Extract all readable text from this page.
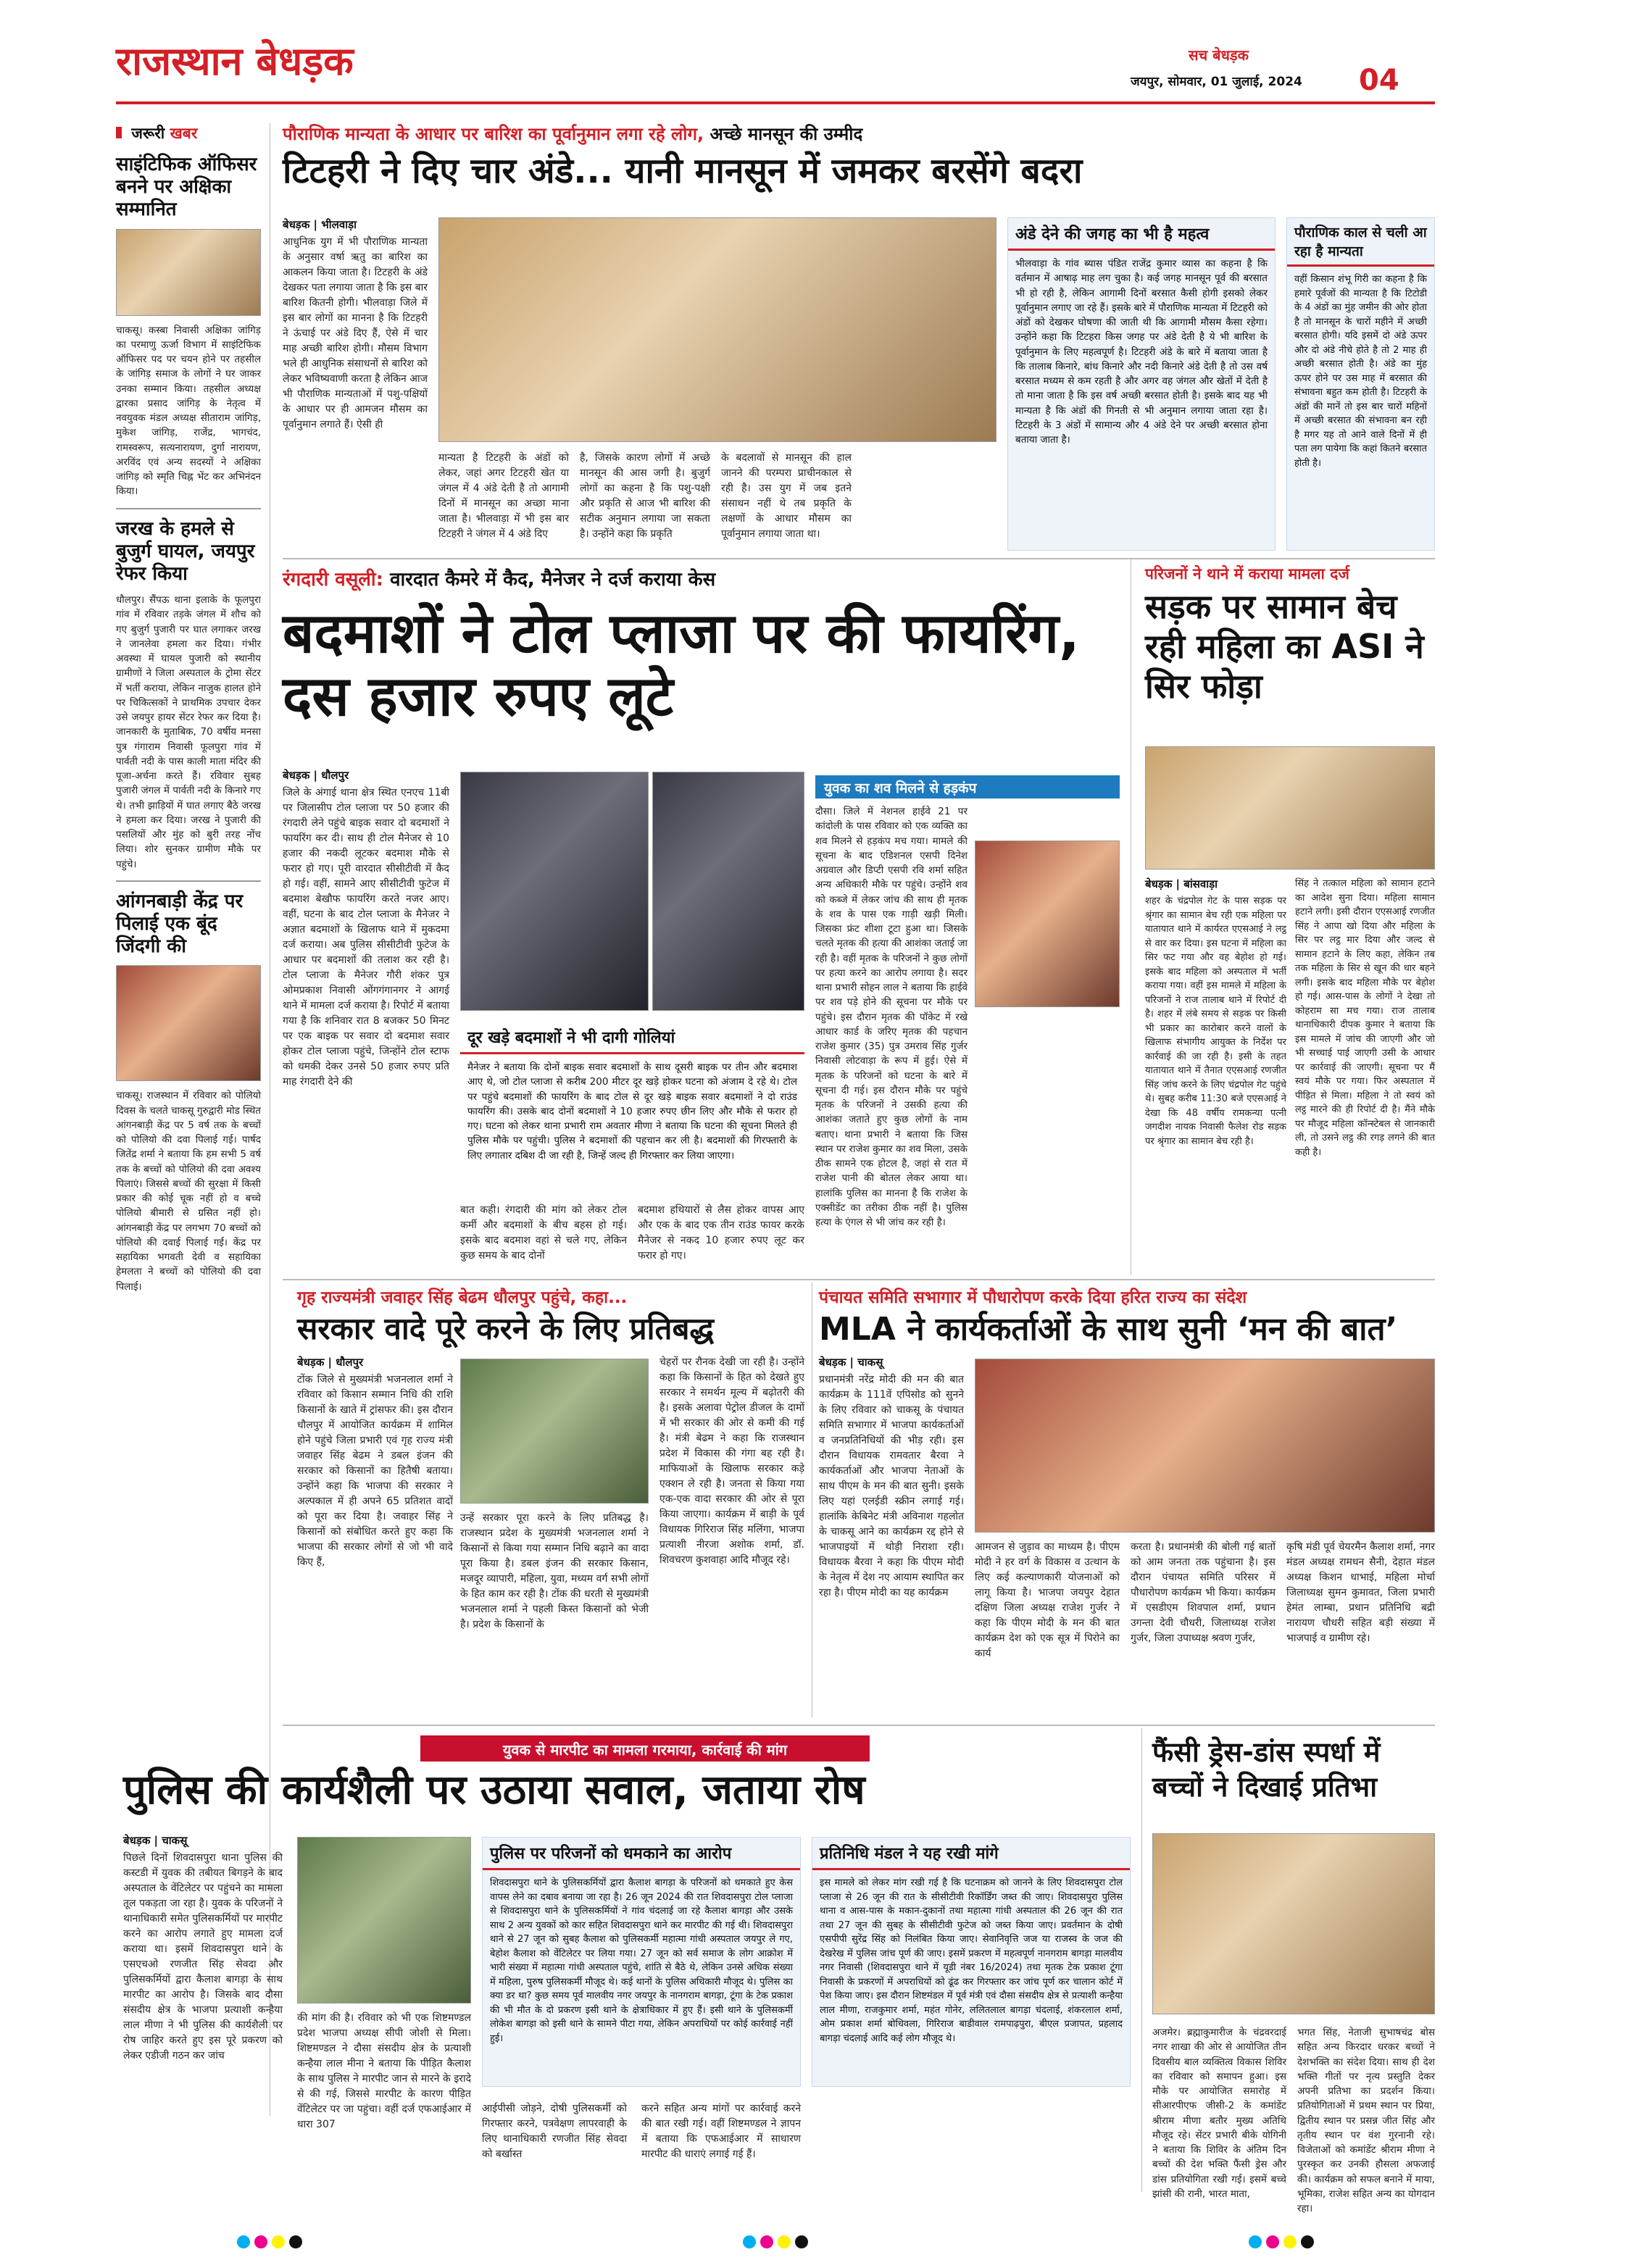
राजस्थान बेधड़क	सच बेधड़क
जयपुर, सोमवार, 01 जुलाई, 2024 04
जरूरी खबर
साइंटिफिक ऑफिसर बनने पर अक्षिका सम्मानित
चाकसू। कस्बा निवासी अक्षिका जांगिड़ का परमाणु ऊर्जा विभाग में साइंटिफिक ऑफिसर पद पर चयन होने पर तहसील के जांगिड़ समाज के लोगों ने घर जाकर उनका सम्मान किया। तहसील अध्यक्ष द्वारका प्रसाद जांगिड़ के नेतृत्व में नवयुवक मंडल अध्यक्ष सीताराम जांगिड़, मुकेश जांगिड़, राजेंद्र, भागचंद, रामस्वरूप, सत्यनारायण, दुर्गा नारायण, अरविंद एवं अन्य सदस्यों ने अक्षिका जांगिड़ को स्मृति चिह्न भेंट कर अभिनंदन किया।
जरख के हमले से बुजुर्ग घायल, जयपुर रेफर किया
धौलपुर। सैंपऊ थाना इलाके के फूलपुरा गांव में रविवार तड़के जंगल में शौच को गए बुजुर्ग पुजारी पर घात लगाकर जरख ने जानलेवा हमला कर दिया। गंभीर अवस्था में घायल पुजारी को स्थानीय ग्रामीणों ने जिला अस्पताल के ट्रोमा सेंटर में भर्ती कराया, लेकिन नाजुक हालत होने पर चिकित्सकों ने प्राथमिक उपचार देकर उसे जयपुर हायर सेंटर रेफर कर दिया है। जानकारी के मुताबिक, 70 वर्षीय मनसा पुत्र गंगाराम निवासी फूलपुरा गांव में पार्वती नदी के पास काली माता मंदिर की पूजा-अर्चना करते हैं। रविवार सुबह पुजारी जंगल में पार्वती नदी के किनारे गए थे। तभी झाड़ियों में घात लगाए बैठे जरख ने हमला कर दिया। जरख ने पुजारी की पसलियों और मुंह को बुरी तरह नोंच लिया। शोर सुनकर ग्रामीण मौके पर पहुंचे।
आंगनबाड़ी केंद्र पर पिलाई एक बूंद जिंदगी की
चाकसू। राजस्थान में रविवार को पोलियो दिवस के चलते चाकसू गुरुद्वारी मोड स्थित आंगनबाड़ी केंद्र पर 5 वर्ष तक के बच्चों को पोलियो की दवा पिलाई गई। पार्षद जितेंद्र शर्मा ने बताया कि हम सभी 5 वर्ष तक के बच्चों को पोलियो की दवा अवश्य पिलाएं। जिससे बच्चों की सुरक्षा में किसी प्रकार की कोई चूक नहीं हो व बच्चे पोलियो बीमारी से ग्रसित नहीं हो। आंगनबाड़ी केंद्र पर लगभग 70 बच्चों को पोलियो की दवाई पिलाई गई। केंद्र पर सहायिका भगवती देवी व सहायिका हेमलता ने बच्चों को पोलियो की दवा पिलाई।
पौराणिक मान्यता के आधार पर बारिश का पूर्वानुमान लगा रहे लोग, अच्छे मानसून की उम्मीद
टिटहरी ने दिए चार अंडे... यानी मानसून में जमकर बरसेंगे बदरा
बेधड़क | भीलवाड़ा
आधुनिक युग में भी पौराणिक मान्यता के अनुसार वर्षा ऋतु का बारिश का आकलन किया जाता है। टिटहरी के अंडे देखकर पता लगाया जाता है कि इस बार बारिश कितनी होगी। भीलवाड़ा जिले में इस बार लोगों का मानना है कि टिटहरी ने ऊंचाई पर अंडे दिए हैं, ऐसे में चार माह अच्छी बारिश होगी। मौसम विभाग भले ही आधुनिक संसाधनों से बारिश को लेकर भविष्यवाणी करता है लेकिन आज भी पौराणिक मान्यताओं में पशु-पक्षियों के आधार पर ही आमजन मौसम का पूर्वानुमान लगाते हैं। ऐसी ही
मान्यता है टिटहरी के अंडों को लेकर, जहां अगर टिटहरी खेत या जंगल में 4 अंडे देती है तो आगामी दिनों में मानसून का अच्छा माना जाता है। भीलवाड़ा में भी इस बार टिटहरी ने जंगल में 4 अंडे दिए
है, जिसके कारण लोगों में अच्छे मानसून की आस जगी है। बुजुर्ग लोगों का कहना है कि पशु-पक्षी और प्रकृति से आज भी बारिश की सटीक अनुमान लगाया जा सकता है। उन्होंने कहा कि प्रकृति
के बदलावों से मानसून की हाल जानने की परम्परा प्राचीनकाल से रही है। उस युग में जब इतने संसाधन नहीं थे तब प्रकृति के लक्षणों के आधार मौसम का पूर्वानुमान लगाया जाता था।
अंडे देने की जगह का भी है महत्व

भीलवाड़ा के गांव ब्यास पंडित राजेंद्र कुमार व्यास का कहना है कि वर्तमान में आषाढ़ माह लग चुका है। कई जगह मानसून पूर्व की बरसात भी हो रही है, लेकिन आगामी दिनों बरसात कैसी होगी इसको लेकर पूर्वानुमान लगाए जा रहे हैं। इसके बारे में पौराणिक मान्यता में टिटहरी को अंडों को देखकर घोषणा की जाती थी कि आगामी मौसम कैसा रहेगा। उन्होंने कहा कि टिटहरा किस जगह पर अंडे देती है ये भी बारिश के पूर्वानुमान के लिए महत्वपूर्ण है। टिटहरी अंडे के बारे में बताया जाता है कि तालाब किनारे, बांध किनारे और नदी किनारे अंडे देती है तो उस वर्ष बरसात मध्यम से कम रहती है और अगर वह जंगल और खेतों में देती है तो माना जाता है कि इस वर्ष अच्छी बरसात होती है। इसके बाद यह भी मान्यता है कि अंडों की गिनती से भी अनुमान लगाया जाता रहा है। टिटहरी के 3 अंडों में सामान्य और 4 अंडे देने पर अच्छी बरसात होना बताया जाता है।

पौराणिक काल से चली आ रहा है मान्यता

वहीं किसान शंभू गिरी का कहना है कि हमारे पूर्वजों की मान्यता है कि टिटोडी के 4 अंडों का मुंह जमीन की ओर होता है तो मानसून के चारों महीने में अच्छी बरसात होगी। यदि इसमें दो अंडे ऊपर और दो अंडे नीचे होते है तो 2 माह ही अच्छी बरसात होती है। अंडे का मुंह ऊपर होने पर उस माह में बरसात की संभावना बहुत कम होती है। टिटहरी के अंडों की मानें तो इस बार चारों महिनों में अच्छी बरसात की संभावना बन रही है मगर यह तो आने वाले दिनों में ही पता लग पायेगा कि कहां कितने बरसात होती है।

रंगदारी वसूली: वारदात कैमरे में कैद, मैनेजर ने दर्ज कराया केस
बदमाशों ने टोल प्लाजा पर की फायरिंग, दस हजार रुपए लूटे
बेधड़क | धौलपुर
जिले के अंगाई थाना क्षेत्र स्थित एनएच 11बी पर जिलासीप टोल प्लाजा पर 50 हजार की रंगदारी लेने पहुंचे बाइक सवार दो बदमाशों ने फायरिंग कर दी। साथ ही टोल मैनेजर से 10 हजार की नकदी लूटकर बदमाश मौके से फरार हो गए। पूरी वारदात सीसीटीवी में कैद हो गई। वहीं, सामने आए सीसीटीवी फुटेज में बदमाश बेखौफ फायरिंग करते नजर आए। वहीं, घटना के बाद टोल प्लाजा के मैनेजर ने अज्ञात बदमाशों के खिलाफ थाने में मुकदमा दर्ज कराया। अब पुलिस सीसीटीवी फुटेज के आधार पर बदमाशों की तलाश कर रही है। टोल प्लाजा के मैनेजर गौरी शंकर पुत्र ओमप्रकाश निवासी ओंगगंगानगर ने आगई थाने में मामला दर्ज कराया है। रिपोर्ट में बताया गया है कि शनिवार रात 8 बजकर 50 मिनट पर एक बाइक पर सवार दो बदमाश सवार होकर टोल प्लाजा पहुंचे, जिन्होंने टोल स्टाफ को धमकी देकर उनसे 50 हजार रुपए प्रति माह रंगदारी देने की
दूर खड़े बदमाशों ने भी दागी गोलियां

मैनेजर ने बताया कि दोनों बाइक सवार बदमाशों के साथ दूसरी बाइक पर तीन और बदमाश आए थे, जो टोल प्लाजा से करीब 200 मीटर दूर खड़े होकर घटना को अंजाम दे रहे थे। टोल पर पहुंचे बदमाशों की फायरिंग के बाद टोल से दूर खड़े बाइक सवार बदमाशों ने दो राउंड फायरिंग की। उसके बाद दोनों बदमाशों ने 10 हजार रुपए छीन लिए और मौके से फरार हो गए। घटना को लेकर थाना प्रभारी राम अवतार मीणा ने बताया कि घटना की सूचना मिलते ही पुलिस मौके पर पहुंची। पुलिस ने बदमाशों की पहचान कर ली है। बदमाशों की गिरफ्तारी के लिए लगातार दबिश दी जा रही है, जिन्हें जल्द ही गिरफ्तार कर लिया जाएगा।

बात कही। रंगदारी की मांग को लेकर टोल कर्मी और बदमाशों के बीच बहस हो गई। इसके बाद बदमाश वहां से चले गए, लेकिन कुछ समय के बाद दोनों
बदमाश हथियारों से लैस होकर वापस आए और एक के बाद एक तीन राउंड फायर करके मैनेजर से नकद 10 हजार रुपए लूट कर फरार हो गए।
युवक का शव मिलने से हड़कंप
दौसा। जिले में नेशनल हाईवे 21 पर कांदोली के पास रविवार को एक व्यक्ति का शव मिलने से हड़कंप मच गया। मामले की सूचना के बाद एडिशनल एसपी दिनेश अग्रवाल और डिप्टी एसपी रवि शर्मा सहित अन्य अधिकारी मौके पर पहुंचे। उन्होंने शव को कब्जे में लेकर जांच की साथ ही मृतक के शव के पास एक गाड़ी खड़ी मिली। जिसका फ्रंट शीशा टूटा हुआ था। जिसके चलते मृतक की हत्या की आशंका जताई जा रही है। वहीं मृतक के परिजनों ने कुछ लोगों पर हत्या करने का आरोप लगाया है। सदर थाना प्रभारी सोहन लाल ने बताया कि हाईवे पर शव पड़े होने की सूचना पर मौके पर पहुंचे। इस दौरान मृतक की पॉकेट में रखे आधार कार्ड के जरिए मृतक की पहचान राजेश कुमार (35) पुत्र उमराव सिंह गुर्जर निवासी लोटवाड़ा के रूप में हुई। ऐसे में मृतक के परिजनों को घटना के बारे में सूचना दी गई। इस दौरान मौके पर पहुंचे मृतक के परिजनों ने उसकी हत्या की आशंका जताते हुए कुछ लोगों के नाम बताए। थाना प्रभारी ने बताया कि जिस स्थान पर राजेश कुमार का शव मिला, उसके ठीक सामने एक होटल है, जहां से रात में राजेश पानी की बोतल लेकर आया था। हालांकि पुलिस का मानना है कि राजेश के एक्सीडेंट का तरीका ठीक नहीं है। पुलिस हत्या के एंगल से भी जांच कर रही है।
परिजनों ने थाने में कराया मामला दर्ज
सड़क पर सामान बेच रही महिला का ASI ने सिर फोड़ा
बेधड़क | बांसवाड़ा
शहर के चंद्रपोल गेट के पास सड़क पर श्रृंगार का सामान बेच रही एक महिला पर यातायात थाने में कार्यरत एएसआई ने लट्ठ से वार कर दिया। इस घटना में महिला का सिर फट गया और वह बेहोश हो गई। इसके बाद महिला को अस्पताल में भर्ती कराया गया। वहीं इस मामले में महिला के परिजनों ने राज तालाब थाने में रिपोर्ट दी है। शहर में लंबे समय से सड़क पर किसी भी प्रकार का कारोबार करने वालों के खिलाफ संभागीय आयुक्त के निर्देश पर कार्रवाई की जा रही है। इसी के तहत यातायात थाने में तैनात एएसआई रणजीत सिंह जांच करने के लिए चंद्रपोल गेट पहुंचे थे। सुबह करीब 11:30 बजे एएसआई ने देखा कि 48 वर्षीय रामकन्या पत्नी जगदीश नायक निवासी फैलेश रोड सड़क पर श्रृंगार का सामान बेच रही है।
सिंह ने तत्काल महिला को सामान हटाने का आदेश सुना दिया। महिला सामान हटाने लगी। इसी दौरान एएसआई रणजीत सिंह ने आपा खो दिया और महिला के सिर पर लट्ठ मार दिया और जल्द से सामान हटाने के लिए कहा, लेकिन तब तक महिला के सिर से खून की धार बहने लगी। इसके बाद महिला मौके पर बेहोश हो गई। आस-पास के लोगों ने देखा तो कोहराम सा मच गया। राज तालाब थानाधिकारी दीपक कुमार ने बताया कि इस मामले में जांच की जाएगी और जो भी सच्चाई पाई जाएगी उसी के आधार पर कार्रवाई की जाएगी। सूचना पर मैं स्वयं मौके पर गया। फिर अस्पताल में पीड़ित से मिला। महिला ने तो स्वयं को लट्ठ मारने की ही रिपोर्ट दी है। मैंने मौके पर मौजूद महिला कॉन्स्टेबल से जानकारी ली, तो उसने लट्ठ की रगड़ लगने की बात कही है।
गृह राज्यमंत्री जवाहर सिंह बेढम धौलपुर पहुंचे, कहा...
सरकार वादे पूरे करने के लिए प्रतिबद्ध
बेधड़क | धौलपुर
टोंक जिले से मुख्यमंत्री भजनलाल शर्मा ने रविवार को किसान सम्मान निधि की राशि किसानों के खाते में ट्रांसफर की। इस दौरान धौलपुर में आयोजित कार्यक्रम में शामिल होने पहुंचे जिला प्रभारी एवं गृह राज्य मंत्री जवाहर सिंह बेढम ने डबल इंजन की सरकार को किसानों का हितैषी बताया। उन्होंने कहा कि भाजपा की सरकार ने अल्पकाल में ही अपने 65 प्रतिशत वादों को पूरा कर दिया है। जवाहर सिंह ने किसानों को संबोधित करते हुए कहा कि भाजपा की सरकार लोगों से जो भी वादे किए हैं,
उन्हें सरकार पूरा करने के लिए प्रतिबद्ध है। राजस्थान प्रदेश के मुख्यमंत्री भजनलाल शर्मा ने किसानों से किया गया सम्मान निधि बढ़ाने का वादा पूरा किया है। डबल इंजन की सरकार किसान, मजदूर व्यापारी, महिला, युवा, मध्यम वर्ग सभी लोगों के हित काम कर रही है। टोंक की धरती से मुख्यमंत्री भजनलाल शर्मा ने पहली किस्त किसानों को भेजी है। प्रदेश के किसानों के
चेहरों पर रौनक देखी जा रही है। उन्होंने कहा कि किसानों के हित को देखते हुए सरकार ने समर्थन मूल्य में बढ़ोतरी की है। इसके अलावा पेट्रोल डीजल के दामों में भी सरकार की ओर से कमी की गई है। मंत्री बेढम ने कहा कि राजस्थान प्रदेश में विकास की गंगा बह रही है। माफियाओं के खिलाफ सरकार कड़े एक्शन ले रही है। जनता से किया गया एक-एक वादा सरकार की ओर से पूरा किया जाएगा। कार्यक्रम में बाड़ी के पूर्व विधायक गिरिराज सिंह मलिंगा, भाजपा प्रत्याशी नीरजा अशोक शर्मा, डॉ. शिवचरण कुशवाहा आदि मौजूद रहे।
पंचायत समिति सभागार में पौधारोपण करके दिया हरित राज्य का संदेश
MLA ने कार्यकर्ताओं के साथ सुनी ‘मन की बात’
बेधड़क | चाकसू
प्रधानमंत्री नरेंद्र मोदी की मन की बात कार्यक्रम के 111वें एपिसोड को सुनने के लिए रविवार को चाकसू के पंचायत समिति सभागार में भाजपा कार्यकर्ताओं व जनप्रतिनिधियों की भीड़ रही। इस दौरान विधायक रामवतार बैरवा ने कार्यकर्ताओं और भाजपा नेताओं के साथ पीएम के मन की बात सुनी। इसके लिए यहां एलईडी स्क्रीन लगाई गई। हालांकि केबिनेट मंत्री अविनाश गहलोत के चाकसू आने का कार्यक्रम रद्द होने से भाजपाइयों में थोड़ी निराशा रही। विधायक बैरवा ने कहा कि पीएम मोदी के नेतृत्व में देश नए आयाम स्थापित कर रहा है। पीएम मोदी का यह कार्यक्रम
आमजन से जुड़ाव का माध्यम है। पीएम मोदी ने हर वर्ग के विकास व उत्थान के लिए कई कल्याणकारी योजनाओं को लागू किया है। भाजपा जयपुर देहात दक्षिण जिला अध्यक्ष राजेश गुर्जर ने कहा कि पीएम मोदी के मन की बात कार्यक्रम देश को एक सूत्र में पिरोने का कार्य
करता है। प्रधानमंत्री की बोली गई बातों को आम जनता तक पहुंचाना है। इस दौरान पंचायत समिति परिसर में पौधारोपण कार्यक्रम भी किया। कार्यक्रम में एसडीएम शिवपाल शर्मा, प्रधान उगन्ता देवी चौधरी, जिलाध्यक्ष राजेश गुर्जर, जिला उपाध्यक्ष श्रवण गुर्जर,
कृषि मंडी पूर्व चेयरमैन कैलाश शर्मा, नगर मंडल अध्यक्ष रामधन सैनी, देहात मंडल अध्यक्ष किशन धाभाई, महिला मोर्चा जिलाध्यक्ष सुमन कुमावत, जिला प्रभारी हेमंत लाम्बा, प्रधान प्रतिनिधि बद्री नारायण चौधरी सहित बड़ी संख्या में भाजपाई व ग्रामीण रहे।
युवक से मारपीट का मामला गरमाया, कार्रवाई की मांग
पुलिस की कार्यशैली पर उठाया सवाल, जताया रोष
बेधड़क | चाकसू
पिछले दिनों शिवदासपुरा थाना पुलिस की कस्टडी में युवक की तबीयत बिगड़ने के बाद अस्पताल के वेंटिलेटर पर पहुंचने का मामला तूल पकड़ता जा रहा है। युवक के परिजनों ने थानाधिकारी समेत पुलिसकर्मियों पर मारपीट करने का आरोप लगाते हुए मामला दर्ज कराया था। इसमें शिवदासपुरा थाने के एसएचओ रणजीत सिंह सेवदा और पुलिसकर्मियों द्वारा कैलाश बागड़ा के साथ मारपीट का आरोप है। जिसके बाद दौसा संसदीय क्षेत्र के भाजपा प्रत्याशी कन्हैया लाल मीणा ने भी पुलिस की कार्यशैली पर रोष जाहिर करते हुए इस पूरे प्रकरण को लेकर एडीजी गठन कर जांच
की मांग की है। रविवार को भी एक शिष्टमण्डल प्रदेश भाजपा अध्यक्ष सीपी जोशी से मिला। शिष्टमण्डल ने दौसा संसदीय क्षेत्र के प्रत्याशी कन्हैया लाल मीना ने बताया कि पीड़ित कैलाश के साथ पुलिस ने मारपीट जान से मारने के इरादे से की गई, जिससे मारपीट के कारण पीड़ित वेंटिलेटर पर जा पहुंचा। वहीं दर्ज एफआईआर में धारा 307
पुलिस पर परिजनों को धमकाने का आरोप

शिवदासपुरा थाने के पुलिसकर्मियों द्वारा कैलाश बागड़ा के परिजनों को धमकाते हुए केस वापस लेने का दबाव बनाया जा रहा है। 26 जून 2024 की रात शिवदासपुरा टोल प्लाजा से शिवदासपुरा थाने के पुलिसकर्मियों ने गांव चंदलाई जा रहे कैलाश बागड़ा और उसके साथ 2 अन्य युवकों को कार सहित शिवदासपुरा थाने कर मारपीट की गई थी। शिवदासपुरा थाने से 27 जून को सुबह कैलाश को पुलिसकर्मी महात्मा गांधी अस्पताल जयपुर ले गए, बेहोश कैलाश को वेंटिलेटर पर लिया गया। 27 जून को सर्व समाज के लोग आक्रोश में भारी संख्या में महात्मा गांधी अस्पताल पहुंचे, शांति से बैठे थे, लेकिन उनसे अधिक संख्या में महिला, पुरुष पुलिसकर्मी मौजूद थे। कई थानों के पुलिस अधिकारी मौजूद थे। पुलिस का क्या डर था? कुछ समय पूर्व मालवीय नगर जयपुर के नानगराम बागड़ा, टूंगा के टेक प्रकाश की भी मौत के दो प्रकरण इसी थाने के क्षेत्राधिकार में हुए हैं। इसी थाने के पुलिसकर्मी लोकेश बागड़ा को इसी थाने के सामने पीटा गया, लेकिन अपराधियों पर कोई कार्रवाई नहीं हुई।

प्रतिनिधि मंडल ने यह रखी मांगे

इस मामले को लेकर मांग रखी गई है कि घटनाक्रम को जानने के लिए शिवदासपुरा टोल प्लाजा से 26 जून की रात के सीसीटीवी रिकॉर्डिंग जब्त की जाए। शिवदासपुरा पुलिस थाना व आस-पास के मकान-दुकानों तथा महात्मा गांधी अस्पताल की 26 जून की रात तथा 27 जून की सुबह के सीसीटीवी फुटेज को जब्त किया जाए। प्रवर्तमान के दोषी एसपीपी सुरेंद्र सिंह को निलंबित किया जाए। सेवानिवृत्ति जज या राजस्व के जज की देखरेख में पुलिस जांच पूर्ण की जाए। इसमें प्रकरण में महत्वपूर्ण नानगराम बागड़ा मालवीय नगर निवासी (शिवदासपुरा थाने में यूडी नंबर 16/2024) तथा मृतक टेक प्रकाश टूंगा निवासी के प्रकरणों में अपराधियों को ढूंढ कर गिरफ्तार कर जांच पूर्ण कर चालान कोर्ट में पेश किया जाए। इस दौरान शिष्टमंडल में पूर्व मंत्री एवं दौसा संसदीय क्षेत्र से प्रत्याशी कन्हैया लाल मीणा, राजकुमार शर्मा, महंत गोनेर, ललितलाल बागड़ा चंदलाई, शंकरलाल शर्मा, ओम प्रकाश शर्मा बोधिवला, गिरिराज बाडीवाल रामपाढ़पुरा, बीएल प्रजापत, प्रहलाद बागड़ा चंदलाई आदि कई लोग मौजूद थे।

आईपीसी जोड़ने, दोषी पुलिसकर्मी को गिरफ्तार करने, पत्रवेक्षण लापरवाही के लिए थानाधिकारी रणजीत सिंह सेवदा को बर्खास्त
करने सहित अन्य मांगों पर कार्रवाई करने की बात रखी गई। वहीं शिष्टमण्डल ने ज्ञापन में बताया कि एफआईआर में साधारण मारपीट की धाराएं लगाई गई हैं।
फैंसी ड्रेस-डांस स्पर्धा में बच्चों ने दिखाई प्रतिभा
अजमेर। ब्रह्माकुमारीज के चंद्रवरदाई नगर शाखा की ओर से आयोजित तीन दिवसीय बाल व्यक्तित्व विकास शिविर का रविवार को समापन हुआ। इस मौके पर आयोजित समारोह में सीआरपीएफ जीसी-2 के कमांडेंट श्रीराम मीणा बतौर मुख्य अतिथि मौजूद रहे। सेंटर प्रभारी बीके योगिनी ने बताया कि शिविर के अंतिम दिन बच्चों की देश भक्ति फैंसी ड्रेस और डांस प्रतियोगिता रखी गई। इसमें बच्चे झांसी की रानी, भारत माता,
भगत सिंह, नेताजी सुभाषचंद्र बोस सहित अन्य किरदार धरकर बच्चों ने देशभक्ति का संदेश दिया। साथ ही देश भक्ति गीतों पर नृत्य प्रस्तुति देकर अपनी प्रतिभा का प्रदर्शन किया। प्रतियोगिताओं में प्रथम स्थान पर प्रिया, द्वितीय स्थान पर प्रसन्न जीत सिंह और तृतीय स्थान पर वंश गुरनानी रहे। विजेताओं को कमांडेंट श्रीराम मीणा ने पुरस्कृत कर उनकी हौसला अफजाई की। कार्यक्रम को सफल बनाने में माया, भूमिका, राजेश सहित अन्य का योगदान रहा।
